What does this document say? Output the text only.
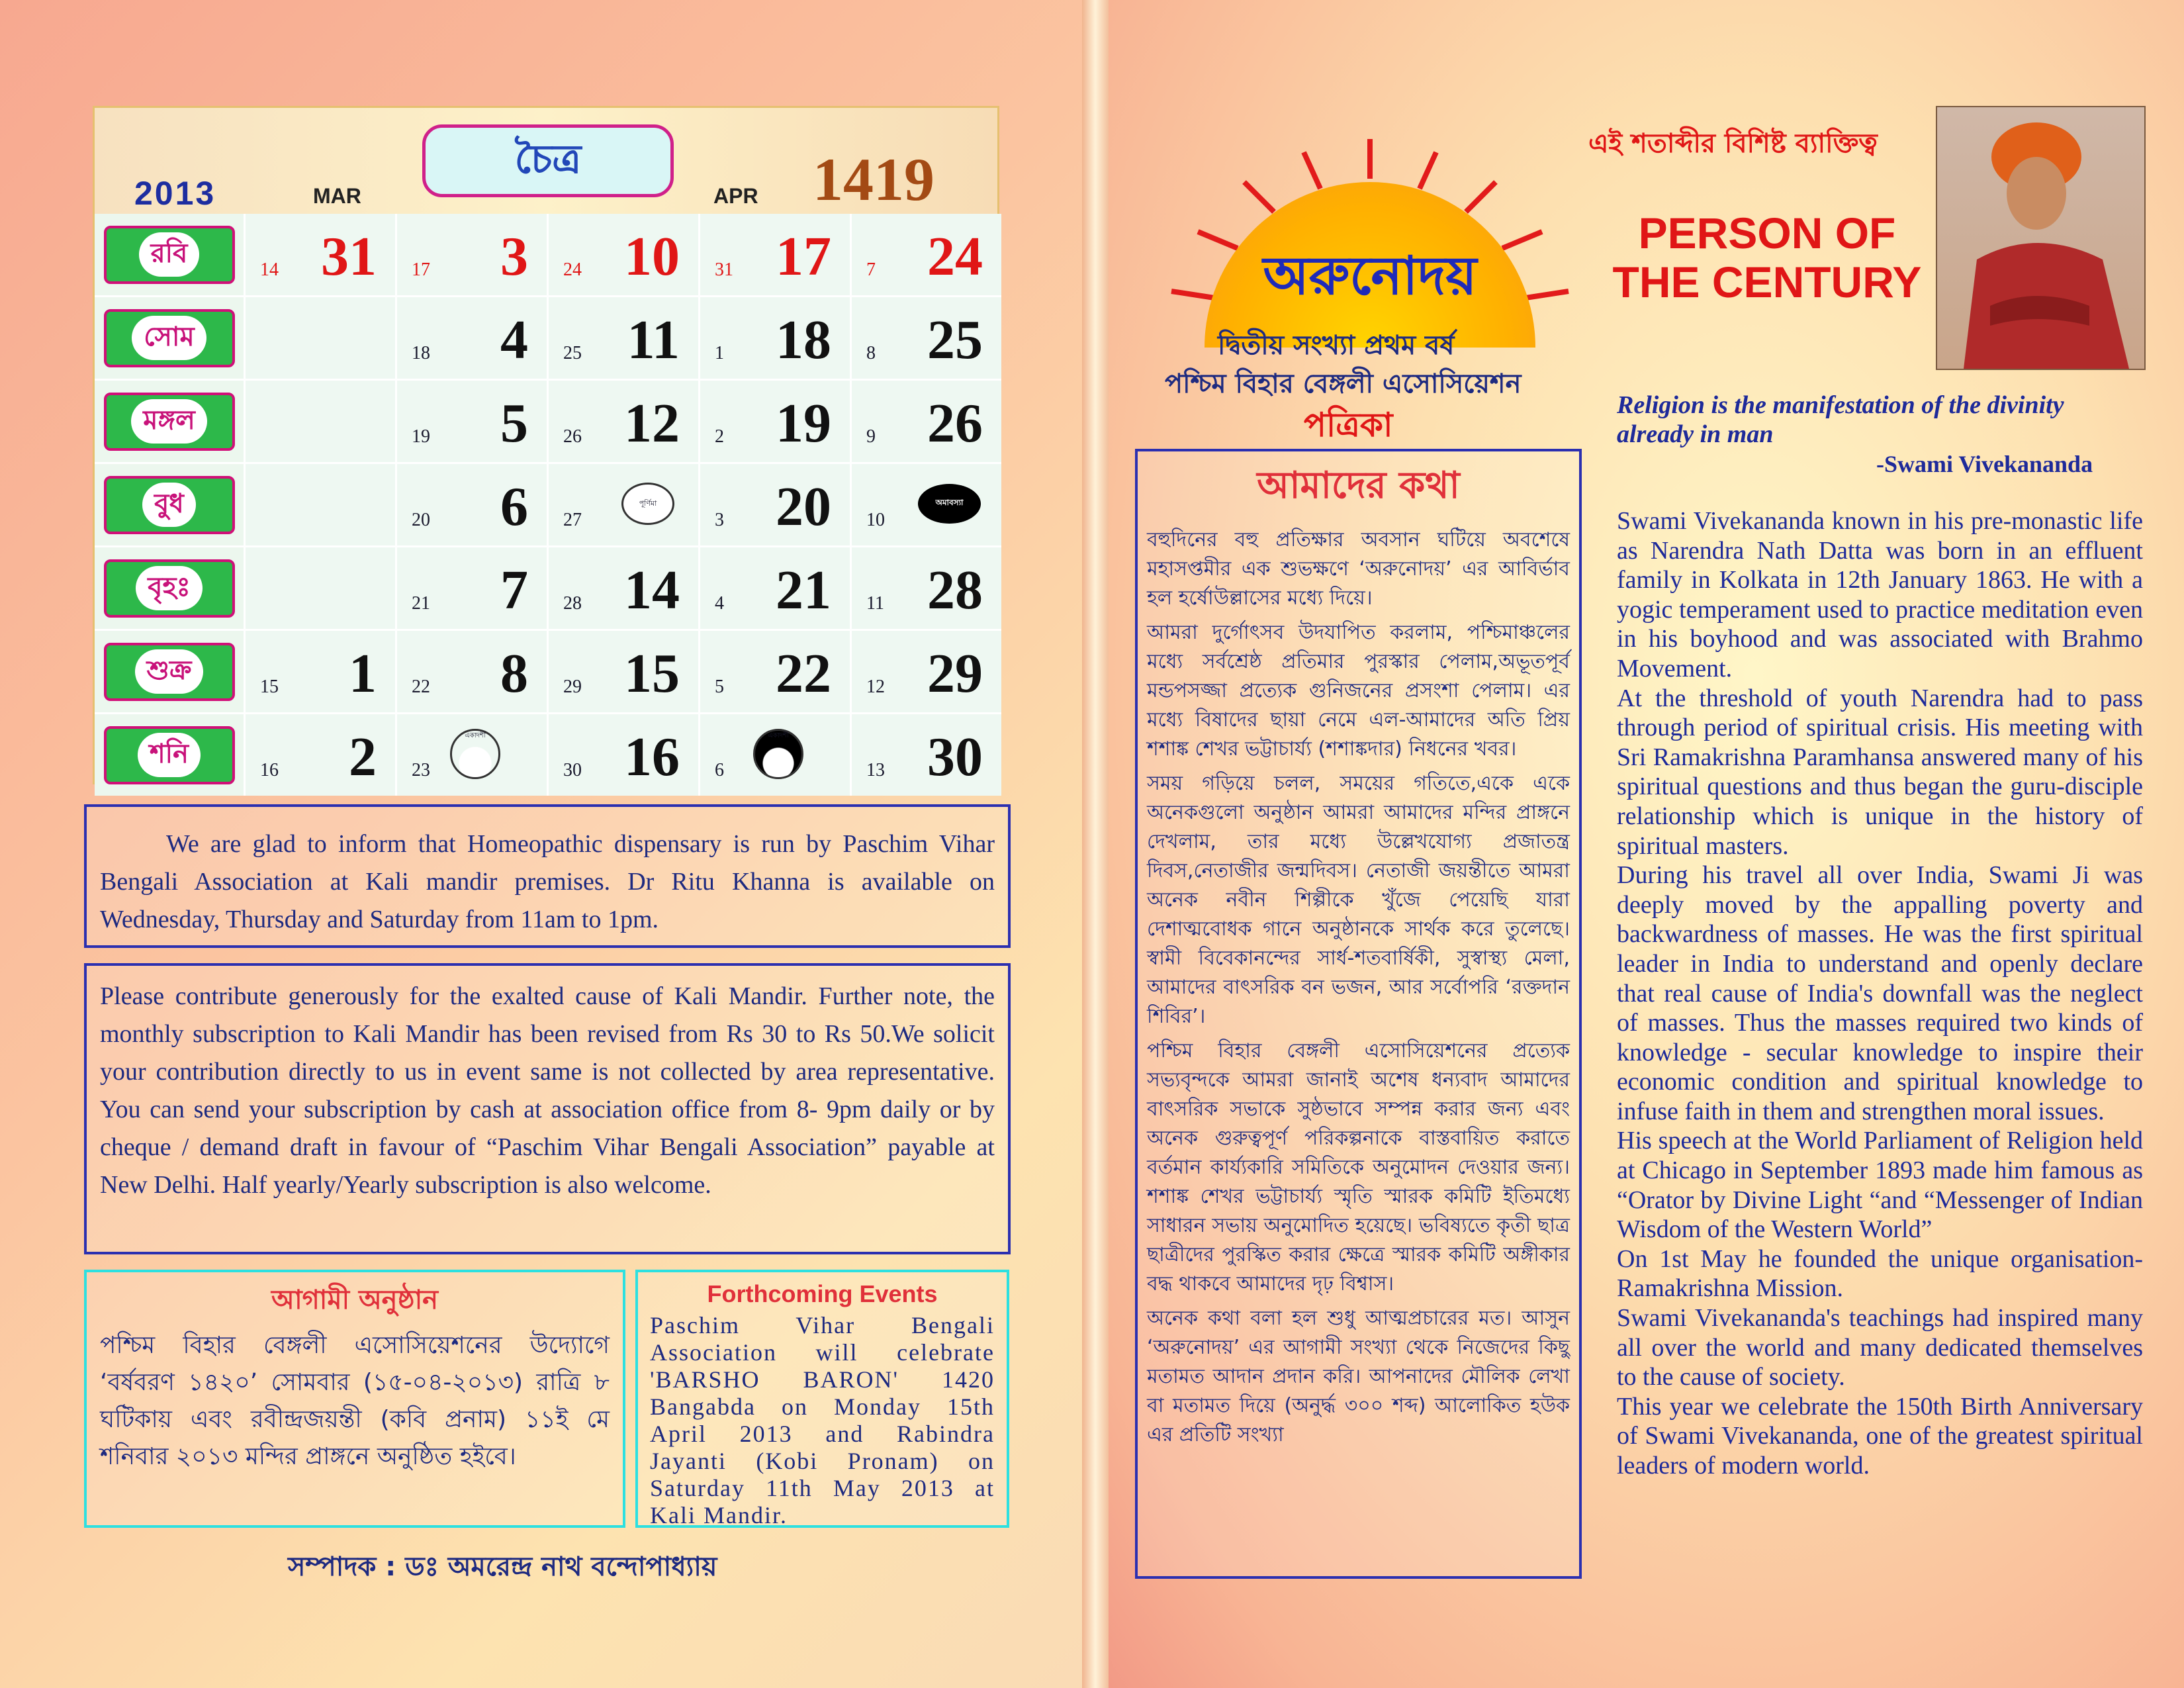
2013	MAR
চৈত্র
APR 1419
রবি
14 31 17 3 24 10 31 17 7 24
সোম
18 4 25 11 1 18 8 25
মঙ্গল
19 5 26 12 2 19 9 26
বুধ
20 6 27
পূর্ণিমা
3 20 10
অমাবস্যা
বৃহঃ
21 7 28 14 4 21 11 28
শুক্র
15 1 22 8 29 15 5 22 12 29
শনি
16 2 23
একাদশী
30 16 6
একাদশী
13 30

We are glad to inform that Homeopathic dispensary is run by Paschim Vihar Bengali Association at Kali mandir premises. Dr Ritu Khanna is available on Wednesday, Thursday and Saturday from 11am to 1pm.

Please contribute generously for the exalted cause of Kali Mandir. Further note, the monthly subscription to Kali Mandir has been revised from Rs 30 to Rs 50.We solicit your contribution directly to us in event same is not collected by area representative. You can send your subscription by cash at association office from 8- 9pm daily or by cheque / demand draft in favour of “Paschim Vihar Bengali Association” payable at New Delhi. Half yearly/Yearly subscription is also welcome.

আগামী অনুষ্ঠান
পশ্চিম বিহার বেঙ্গলী এসোসিয়েশনের উদ্যোগে ‘বর্ষবরণ ১৪২০’ সোমবার (১৫-০৪-২০১৩) রাত্রি ৮ ঘটিকায় এবং রবীন্দ্রজয়ন্তী (কবি প্রনাম) ১১ই মে শনিবার ২০১৩ মন্দির প্রাঙ্গনে অনুষ্ঠিত হইবে।
Forthcoming Events
Paschim Vihar Bengali Association will celebrate 'BARSHO BARON' 1420 Bangabda on Monday 15th April 2013 and Rabindra Jayanti (Kobi Pronam) on Saturday 11th May 2013 at Kali Mandir.
সম্পাদক : ডঃ অমরেন্দ্র নাথ বন্দোপাধ্যায়
অরুনোদয়
দ্বিতীয় সংখ্যা প্রথম বর্ষ
পশ্চিম বিহার বেঙ্গলী এসোসিয়েশন
পত্রিকা
আমাদের কথা

বহুদিনের বহু প্রতিক্ষার অবসান ঘটিয়ে অবশেষে মহাসপ্তমীর এক শুভক্ষণে ‘অরুনোদয়’ এর আবির্ভাব হল হর্ষোউল্লাসের মধ্যে দিয়ে।

আমরা দুর্গোৎসব উদযাপিত করলাম, পশ্চিমাঞ্চলের মধ্যে সর্বশ্রেষ্ঠ প্রতিমার পুরস্কার পেলাম,অভূতপূর্ব মন্ডপসজ্জা প্রত্যেক গুনিজনের প্রসংশা পেলাম। এর মধ্যে বিষাদের ছায়া নেমে এল-আমাদের অতি প্রিয় শশাঙ্ক শেখর ভট্টাচার্য্য (শশাঙ্কদার) নিধনের খবর।

সময় গড়িয়ে চলল, সময়ের গতিতে,একে একে অনেকগুলো অনুষ্ঠান আমরা আমাদের মন্দির প্রাঙ্গনে দেখলাম, তার মধ্যে উল্লেখযোগ্য প্রজাতন্ত্র দিবস,নেতাজীর জন্মদিবস। নেতাজী জয়ন্তীতে আমরা অনেক নবীন শিল্পীকে খুঁজে পেয়েছি যারা দেশাত্মবোধক গানে অনুষ্ঠানকে সার্থক করে তুলেছে। স্বামী বিবেকানন্দের সার্ধ-শতবার্ষিকী, সুস্বাস্থ্য মেলা, আমাদের বাৎসরিক বন ভজন, আর সর্বোপরি ‘রক্তদান শিবির’।

পশ্চিম বিহার বেঙ্গলী এসোসিয়েশনের প্রত্যেক সভ্যবৃন্দকে আমরা জানাই অশেষ ধন্যবাদ আমাদের বাৎসরিক সভাকে সুষ্ঠভাবে সম্পন্ন করার জন্য এবং অনেক গুরুত্বপূর্ণ পরিকল্পনাকে বাস্তবায়িত করাতে বর্তমান কার্য্যকারি সমিতিকে অনুমোদন দেওয়ার জন্য। শশাঙ্ক শেখর ভট্টাচার্য্য স্মৃতি স্মারক কমিটি ইতিমধ্যে সাধারন সভায় অনুমোদিত হয়েছে। ভবিষ্যতে কৃতী ছাত্র ছাত্রীদের পুরস্কিত করার ক্ষেত্রে স্মারক কমিটি অঙ্গীকার বদ্ধ থাকবে আমাদের দৃঢ় বিশ্বাস।

অনেক কথা বলা হল শুধু আত্মপ্রচারের মত। আসুন ‘অরুনোদয়’ এর আগামী সংখ্যা থেকে নিজেদের কিছু মতামত আদান প্রদান করি। আপনাদের মৌলিক লেখা বা মতামত দিয়ে (অনুর্দ্ধ ৩০০ শব্দ) আলোকিত হউক এর প্রতিটি সংখ্যা

এই শতাব্দীর বিশিষ্ট ব্যাক্তিত্ব
PERSON OF THE CENTURY
Religion is the manifestation of the divinity already in man
-Swami Vivekananda

Swami Vivekananda known in his pre-monastic life as Narendra Nath Datta was born in an effluent family in Kolkata in 12th January 1863. He with a yogic temperament used to practice meditation even in his boyhood and was associated with Brahmo Movement.

At the threshold of youth Narendra had to pass through period of spiritual crisis. His meeting with Sri Ramakrishna Paramhansa answered many of his spiritual questions and thus began the guru-disciple relationship which is unique in the history of spiritual masters.

During his travel all over India, Swami Ji was deeply moved by the appalling poverty and backwardness of masses. He was the first spiritual leader in India to understand and openly declare that real cause of India's downfall was the neglect of masses. Thus the masses required two kinds of knowledge - secular knowledge to inspire their economic condition and spiritual knowledge to infuse faith in them and strengthen moral issues.

His speech at the World Parliament of Religion held at Chicago in September 1893 made him famous as “Orator by Divine Light “and “Messenger of Indian Wisdom of the Western World”

On 1st May he founded the unique organisation-Ramakrishna Mission.

Swami Vivekananda's teachings had inspired many all over the world and many dedicated themselves to the cause of society.

This year we celebrate the 150th Birth Anniversary of Swami Vivekananda, one of the greatest spiritual leaders of modern world.
